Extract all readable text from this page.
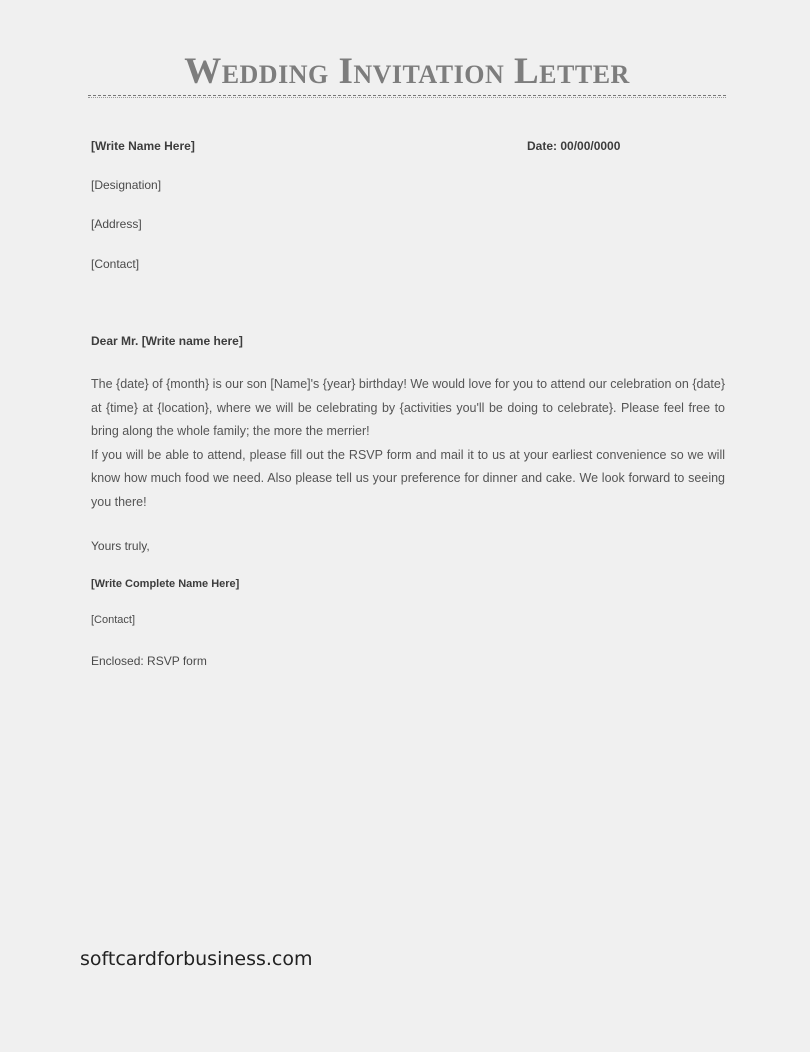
Wedding Invitation Letter
[Write Name Here]	Date: 00/00/0000
[Designation]
[Address]
[Contact]
Dear Mr. [Write name here]

The {date} of {month} is our son [Name]'s {year} birthday! We would love for you to attend our celebration on {date} at {time} at {location}, where we will be celebrating by {activities you'll be doing to celebrate}. Please feel free to bring along the whole family; the more the merrier!

If you will be able to attend, please fill out the RSVP form and mail it to us at your earliest convenience so we will know how much food we need. Also please tell us your preference for dinner and cake. We look forward to seeing you there!

Yours truly,
[Write Complete Name Here]
[Contact]
Enclosed: RSVP form
softcardforbusiness.com
